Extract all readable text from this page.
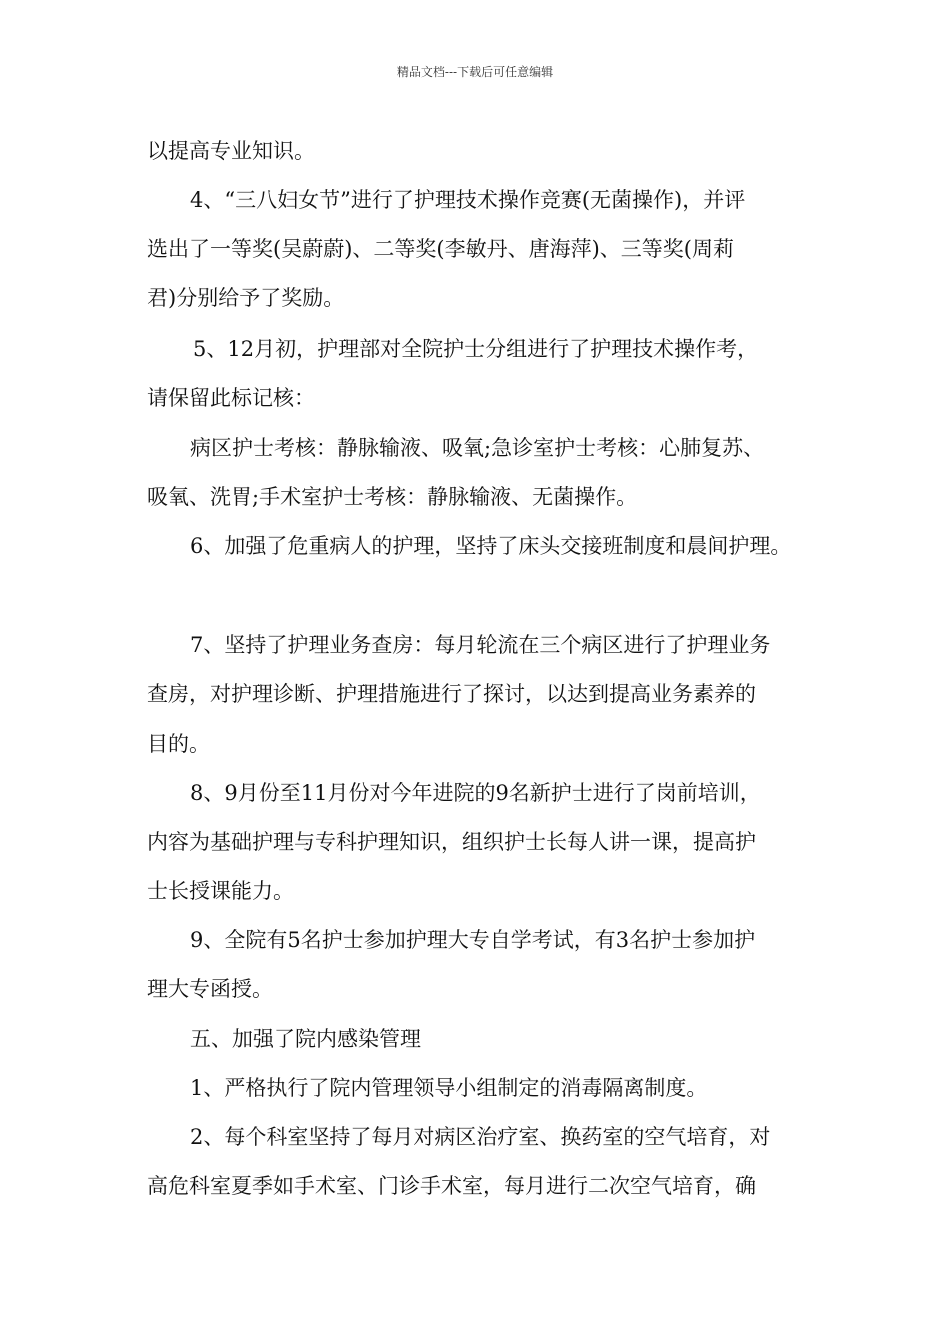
精品文档---下载后可任意编辑
以提高专业知识。
4、“三八妇女节”进行了护理技术操作竞赛(无菌操作)，并评
选出了一等奖(吴蔚蔚)、二等奖(李敏丹、唐海萍)、三等奖(周莉
君)分别给予了奖励。
5、12月初，护理部对全院护士分组进行了护理技术操作考，
请保留此标记核：
病区护士考核：静脉输液、吸氧;急诊室护士考核：心肺复苏、
吸氧、洗胃;手术室护士考核：静脉输液、无菌操作。
6、加强了危重病人的护理，坚持了床头交接班制度和晨间护理。
7、坚持了护理业务查房：每月轮流在三个病区进行了护理业务
查房，对护理诊断、护理措施进行了探讨，以达到提高业务素养的
目的。
8、9月份至11月份对今年进院的9名新护士进行了岗前培训，
内容为基础护理与专科护理知识，组织护士长每人讲一课，提高护
士长授课能力。
9、全院有5名护士参加护理大专自学考试，有3名护士参加护
理大专函授。
五、加强了院内感染管理
1、严格执行了院内管理领导小组制定的消毒隔离制度。
2、每个科室坚持了每月对病区治疗室、换药室的空气培育，对
高危科室夏季如手术室、门诊手术室，每月进行二次空气培育，确
